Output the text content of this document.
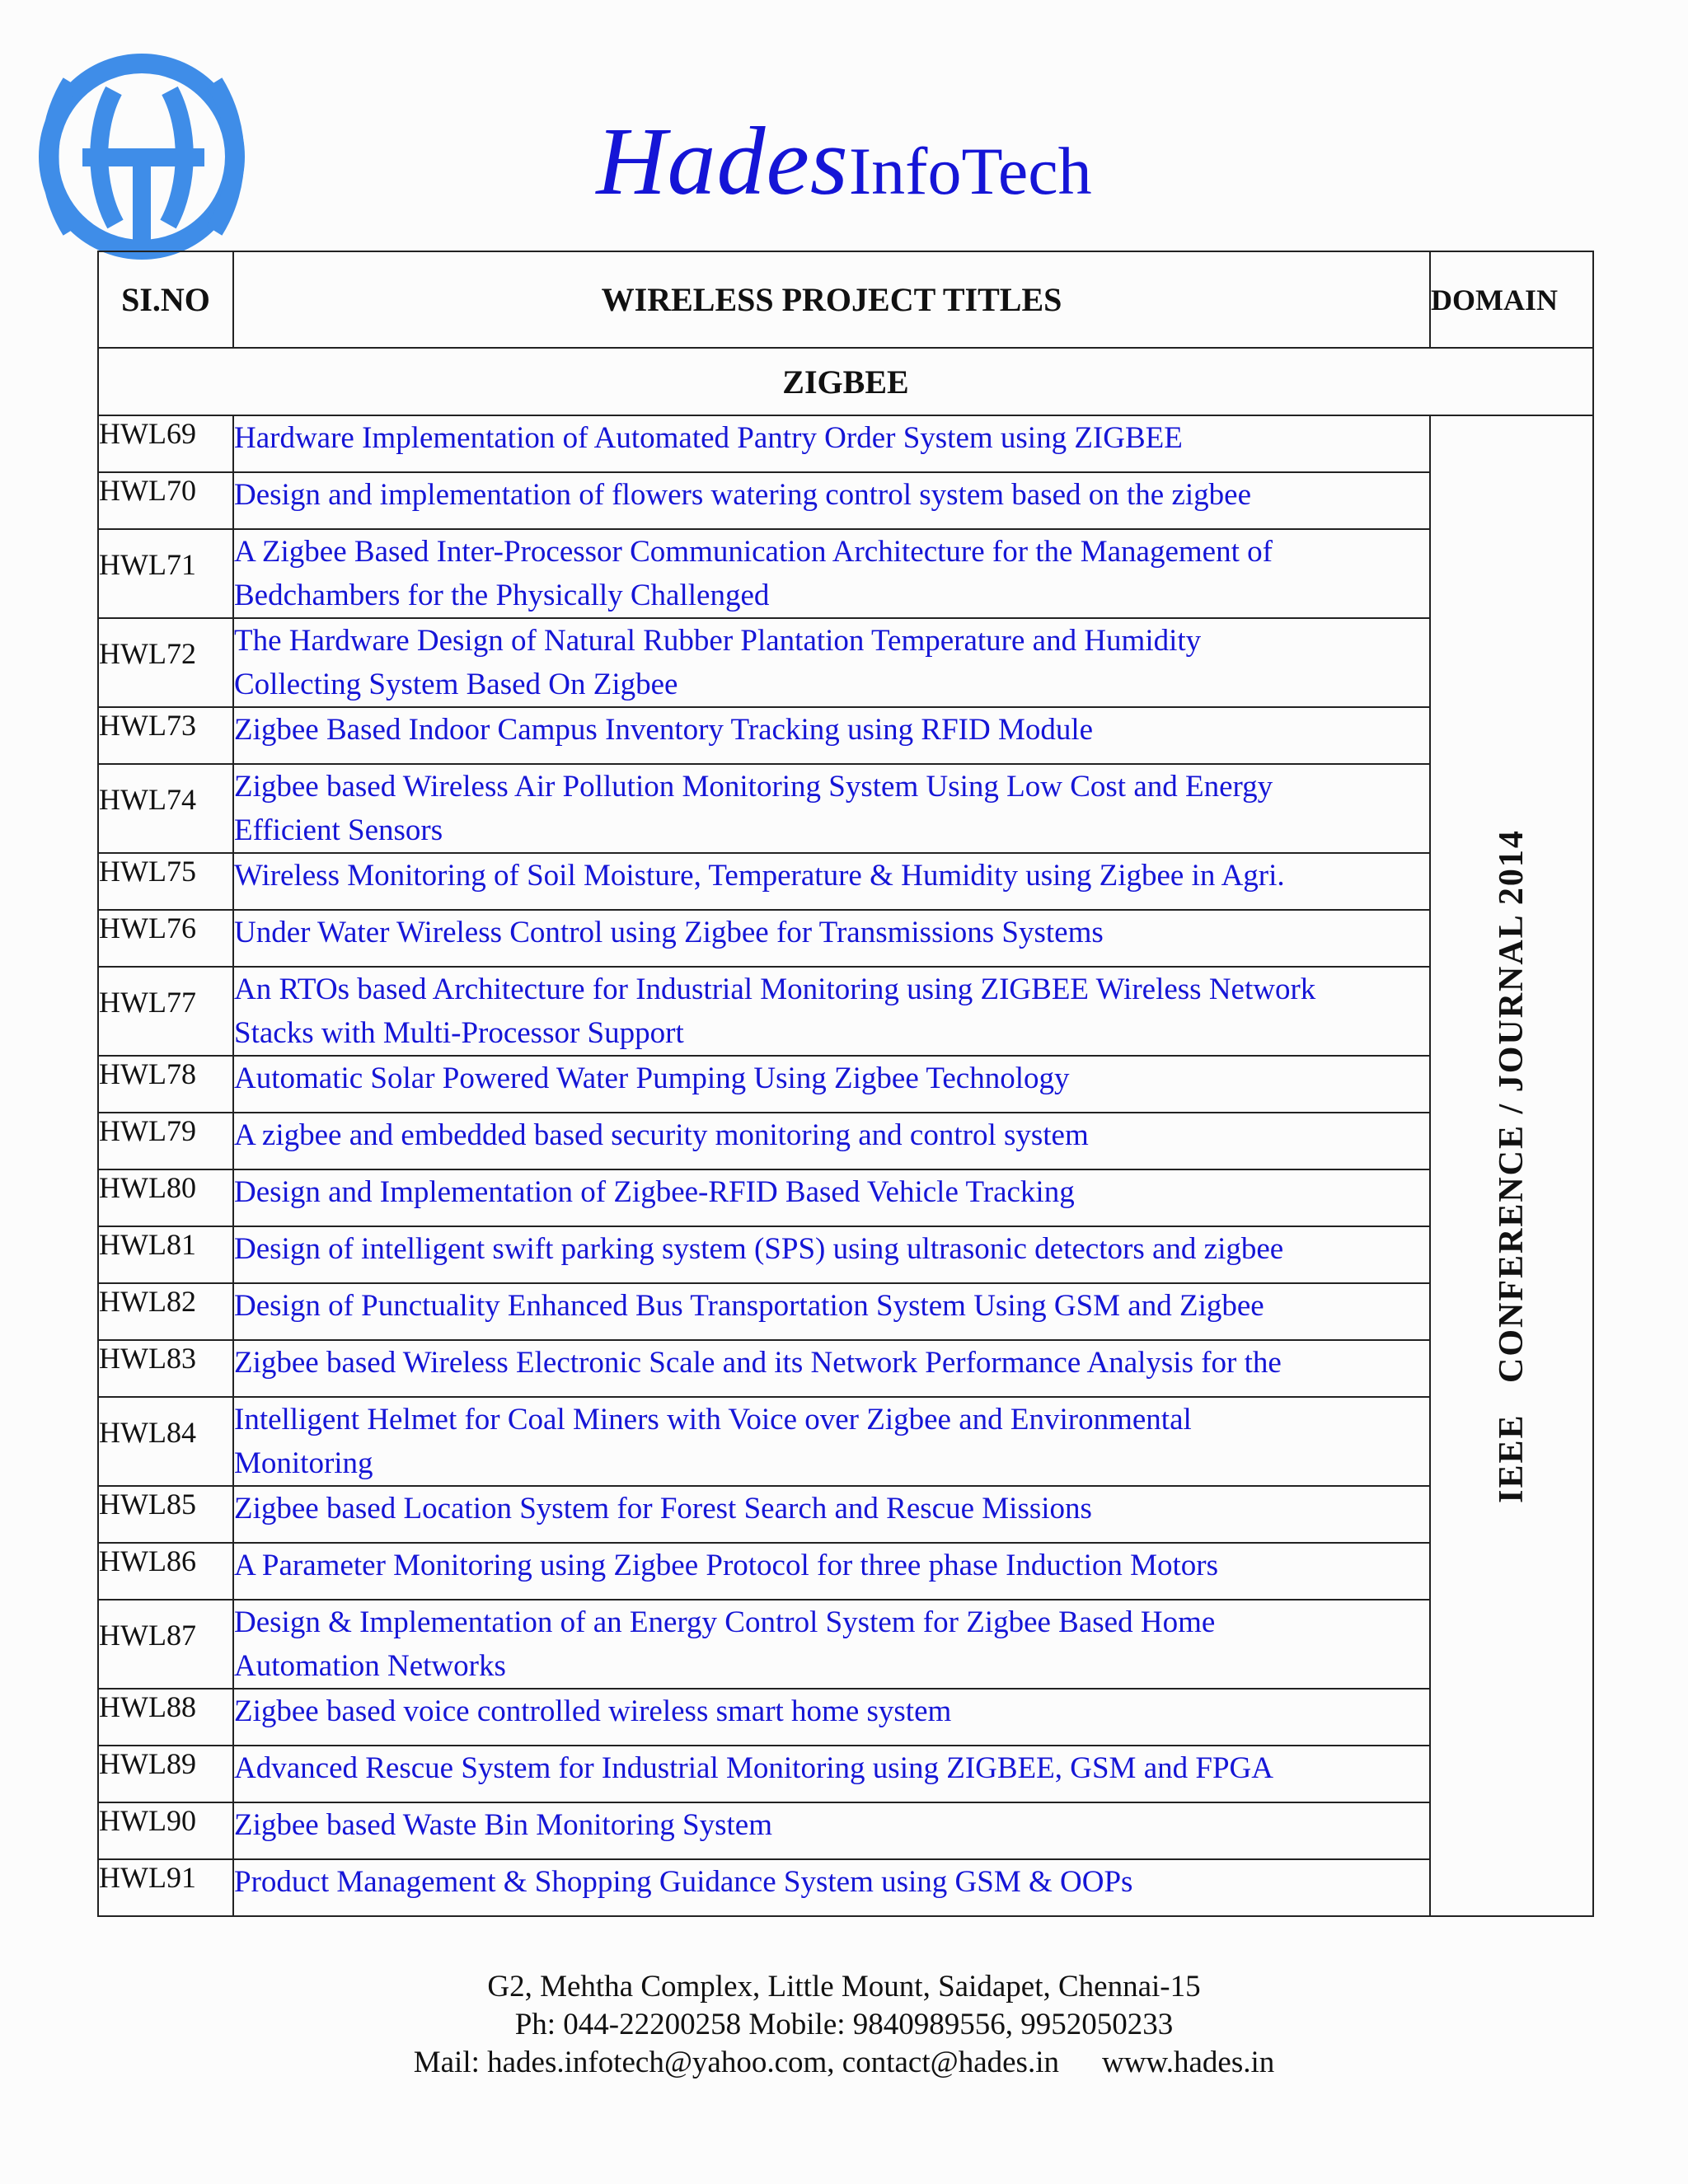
HadesInfoTech
SI.NO	WIRELESS PROJECT TITLES	DOMAIN
ZIGBEE		
HWL69	Hardware Implementation of Automated Pantry Order System using ZIGBEE	IEEE   CONFERENCE / JOURNAL 2014

HWL70	Design and implementation of flowers watering control system based on the zigbee	

HWL71	A Zigbee Based Inter-Processor Communication Architecture for the Management of
Bedchambers for the Physically Challenged	

HWL72	The Hardware Design of Natural Rubber Plantation Temperature and Humidity
Collecting System Based On Zigbee	

HWL73	Zigbee Based Indoor Campus Inventory Tracking using RFID Module	

HWL74	Zigbee based Wireless Air Pollution Monitoring System Using Low Cost and Energy
Efficient Sensors	

HWL75	Wireless Monitoring of Soil Moisture, Temperature & Humidity using Zigbee in Agri.	

HWL76	Under Water Wireless Control using Zigbee for Transmissions Systems	

HWL77	An RTOs based Architecture for Industrial Monitoring using ZIGBEE Wireless Network
Stacks with Multi-Processor Support	

HWL78	Automatic Solar Powered Water Pumping Using Zigbee Technology	

HWL79	A zigbee and embedded based security monitoring and control system	

HWL80	Design and Implementation of Zigbee-RFID Based Vehicle Tracking	

HWL81	Design of intelligent swift parking system (SPS) using ultrasonic detectors and zigbee	

HWL82	Design of Punctuality Enhanced Bus Transportation System Using GSM and Zigbee	

HWL83	Zigbee based Wireless Electronic Scale and its Network Performance Analysis for the	

HWL84	Intelligent Helmet for Coal Miners with Voice over Zigbee and Environmental
Monitoring	

HWL85	Zigbee based Location System for Forest Search and Rescue Missions	

HWL86	A Parameter Monitoring using Zigbee Protocol for three phase Induction Motors	

HWL87	Design & Implementation of an Energy Control System for Zigbee Based Home
Automation Networks	

HWL88	Zigbee based voice controlled wireless smart home system	

HWL89	Advanced Rescue System for Industrial Monitoring using ZIGBEE, GSM and FPGA	

HWL90	Zigbee based Waste Bin Monitoring System	

HWL91	Product Management & Shopping Guidance System using GSM & OOPs	
G2, Mehtha Complex, Little Mount, Saidapet, Chennai-15
Ph: 044-22200258 Mobile: 9840989556, 9952050233
Mail: hades.infotech@yahoo.com, contact@hades.in www.hades.in
